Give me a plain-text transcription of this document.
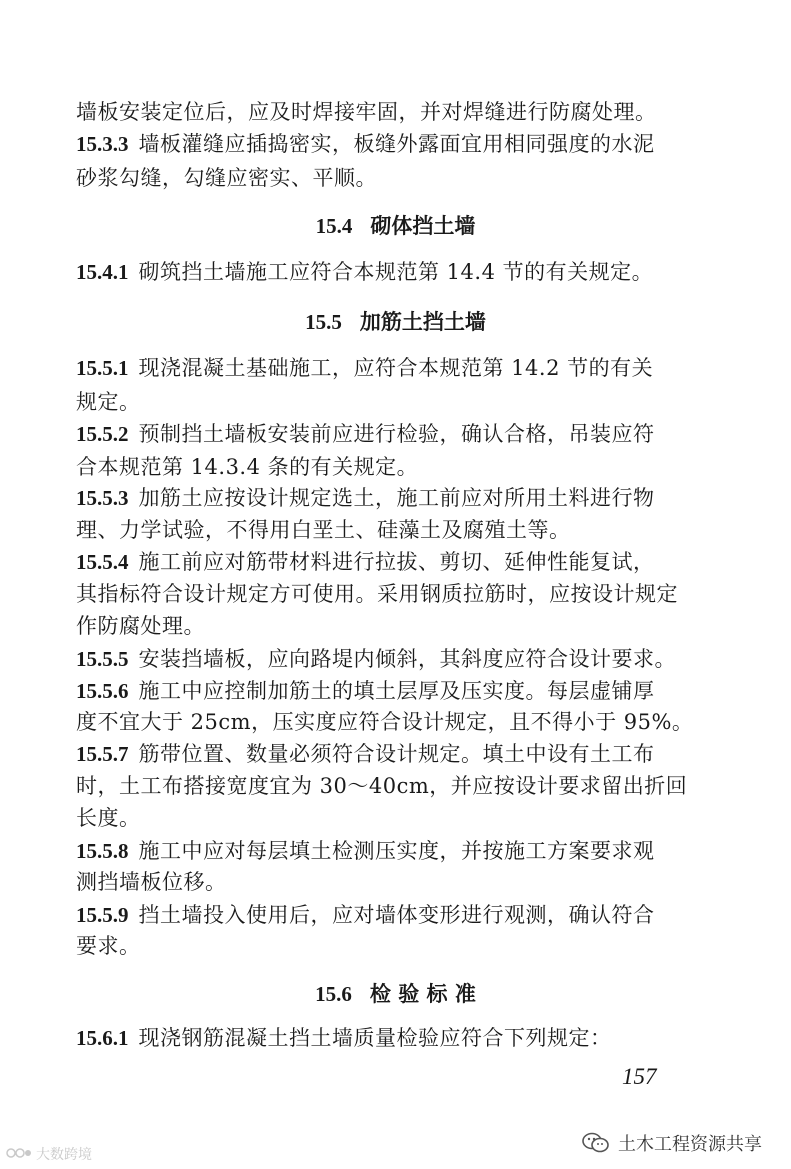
墙板安装定位后，应及时焊接牢固，并对焊缝进行防腐处理。
15.3.3 墙板灌缝应插捣密实，板缝外露面宜用相同强度的水泥
砂浆勾缝，勾缝应密实、平顺。
15.4 砌体挡土墙
15.4.1 砌筑挡土墙施工应符合本规范第 14.4 节的有关规定。
15.5 加筋土挡土墙
15.5.1 现浇混凝土基础施工，应符合本规范第 14.2 节的有关
规定。
15.5.2 预制挡土墙板安装前应进行检验，确认合格，吊装应符
合本规范第 14.3.4 条的有关规定。
15.5.3 加筋土应按设计规定选土，施工前应对所用土料进行物
理、力学试验，不得用白垩土、硅藻土及腐殖土等。
15.5.4 施工前应对筋带材料进行拉拔、剪切、延伸性能复试，
其指标符合设计规定方可使用。采用钢质拉筋时，应按设计规定
作防腐处理。
15.5.5 安装挡墙板，应向路堤内倾斜，其斜度应符合设计要求。
15.5.6 施工中应控制加筋土的填土层厚及压实度。每层虚铺厚
度不宜大于 25cm，压实度应符合设计规定，且不得小于 95%。
15.5.7 筋带位置、数量必须符合设计规定。填土中设有土工布
时，土工布搭接宽度宜为 30～40cm，并应按设计要求留出折回
长度。
15.5.8 施工中应对每层填土检测压实度，并按施工方案要求观
测挡墙板位移。
15.5.9 挡土墙投入使用后，应对墙体变形进行观测，确认符合
要求。
15.6 检 验 标 准
15.6.1 现浇钢筋混凝土挡土墙质量检验应符合下列规定：
157
大数跨境	土木工程资源共享
